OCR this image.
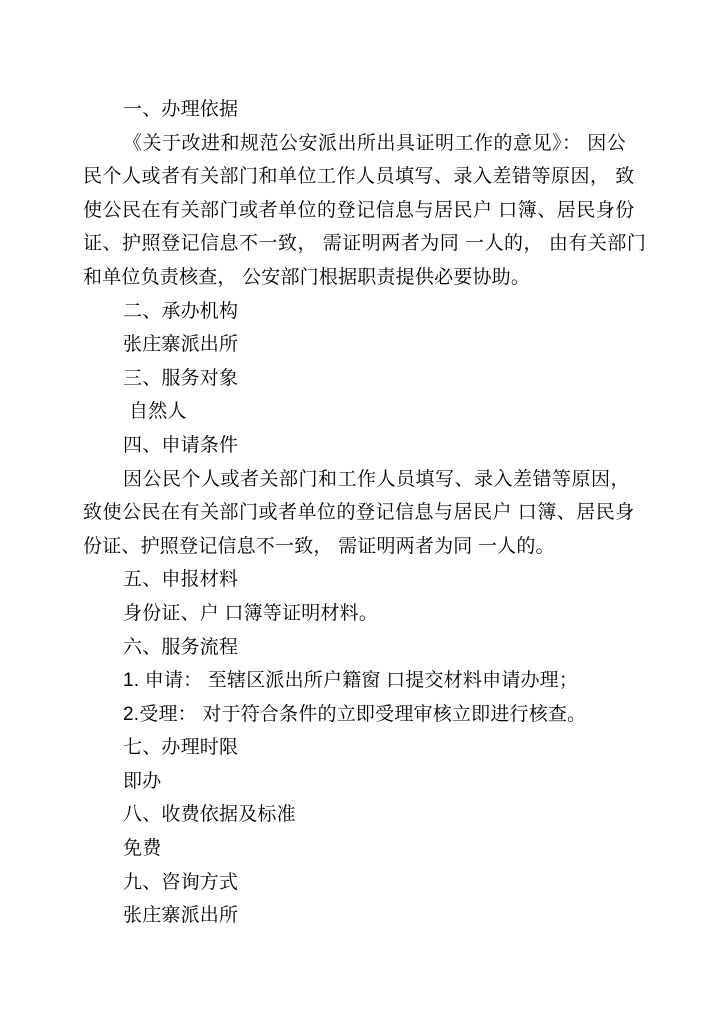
一、办理依据
《关于改进和规范公安派出所出具证明工作的意见》： 因公
民个人或者有关部门和单位工作人员填写、录入差错等原因， 致
使公民在有关部门或者单位的登记信息与居民户 口簿、居民身份
证、护照登记信息不一致， 需证明两者为同 一人的， 由有关部门
和单位负责核查， 公安部门根据职责提供必要协助。
二、承办机构
张庄寨派出所
三、服务对象
自然人
四、申请条件
因公民个人或者关部门和工作人员填写、录入差错等原因，
致使公民在有关部门或者单位的登记信息与居民户 口簿、居民身
份证、护照登记信息不一致， 需证明两者为同 一人的。
五、申报材料
身份证、户 口簿等证明材料。
六、服务流程
1. 申请： 至辖区派出所户籍窗 口提交材料申请办理；
2.受理： 对于符合条件的立即受理审核立即进行核查。
七、办理时限
即办
八、收费依据及标准
免费
九、咨询方式
张庄寨派出所
